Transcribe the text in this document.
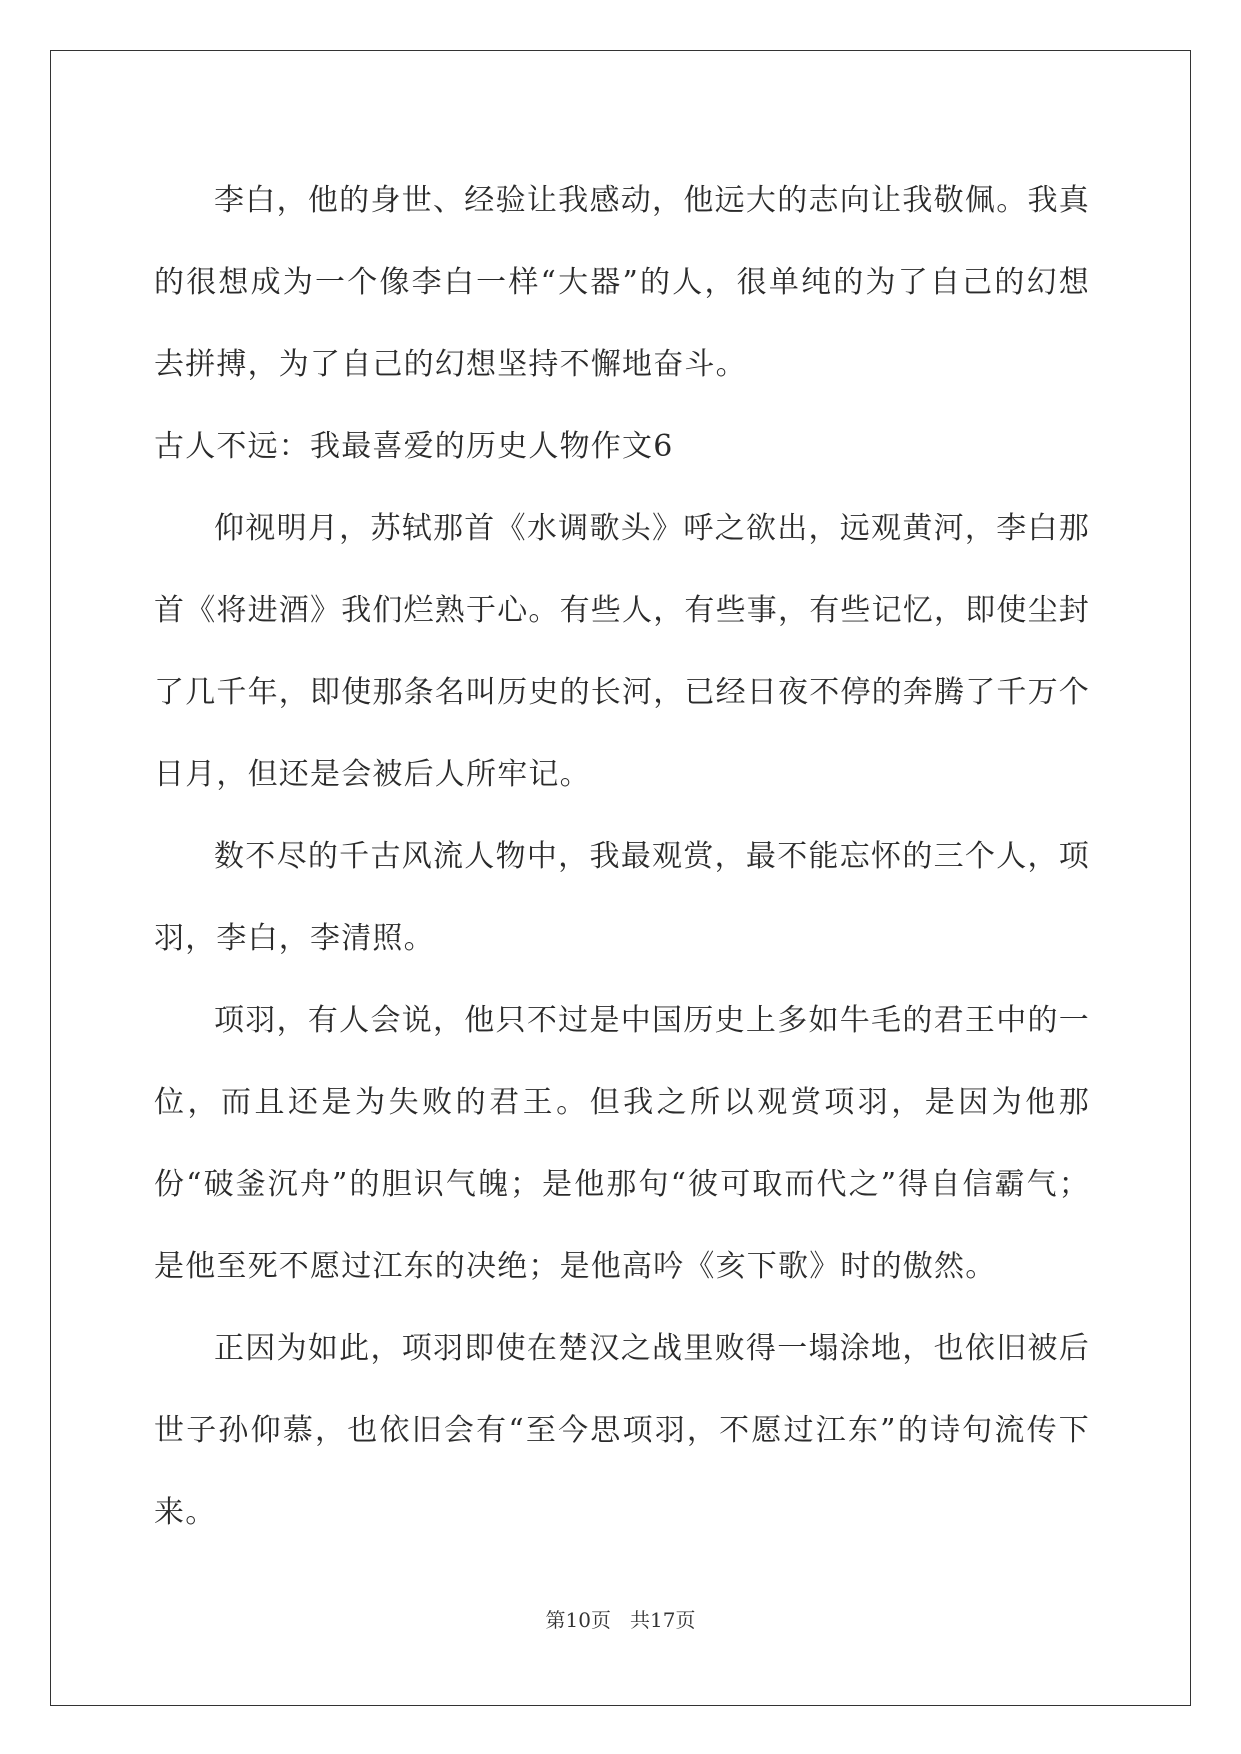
李白，他的身世、经验让我感动，他远大的志向让我敬佩。我真的很想成为一个像李白一样“大器”的人，很单纯的为了自己的幻想去拼搏，为了自己的幻想坚持不懈地奋斗。

古人不远：我最喜爱的历史人物作文6

仰视明月，苏轼那首《水调歌头》呼之欲出，远观黄河，李白那首《将进酒》我们烂熟于心。有些人，有些事，有些记忆，即使尘封了几千年，即使那条名叫历史的长河，已经日夜不停的奔腾了千万个日月，但还是会被后人所牢记。

数不尽的千古风流人物中，我最观赏，最不能忘怀的三个人，项羽，李白，李清照。

项羽，有人会说，他只不过是中国历史上多如牛毛的君王中的一位，而且还是为失败的君王。但我之所以观赏项羽，是因为他那份“破釜沉舟”的胆识气魄；是他那句“彼可取而代之”得自信霸气；是他至死不愿过江东的决绝；是他高吟《亥下歌》时的傲然。

正因为如此，项羽即使在楚汉之战里败得一塌涂地，也依旧被后世子孙仰慕，也依旧会有“至今思项羽，不愿过江东”的诗句流传下来。

第10页   共17页
